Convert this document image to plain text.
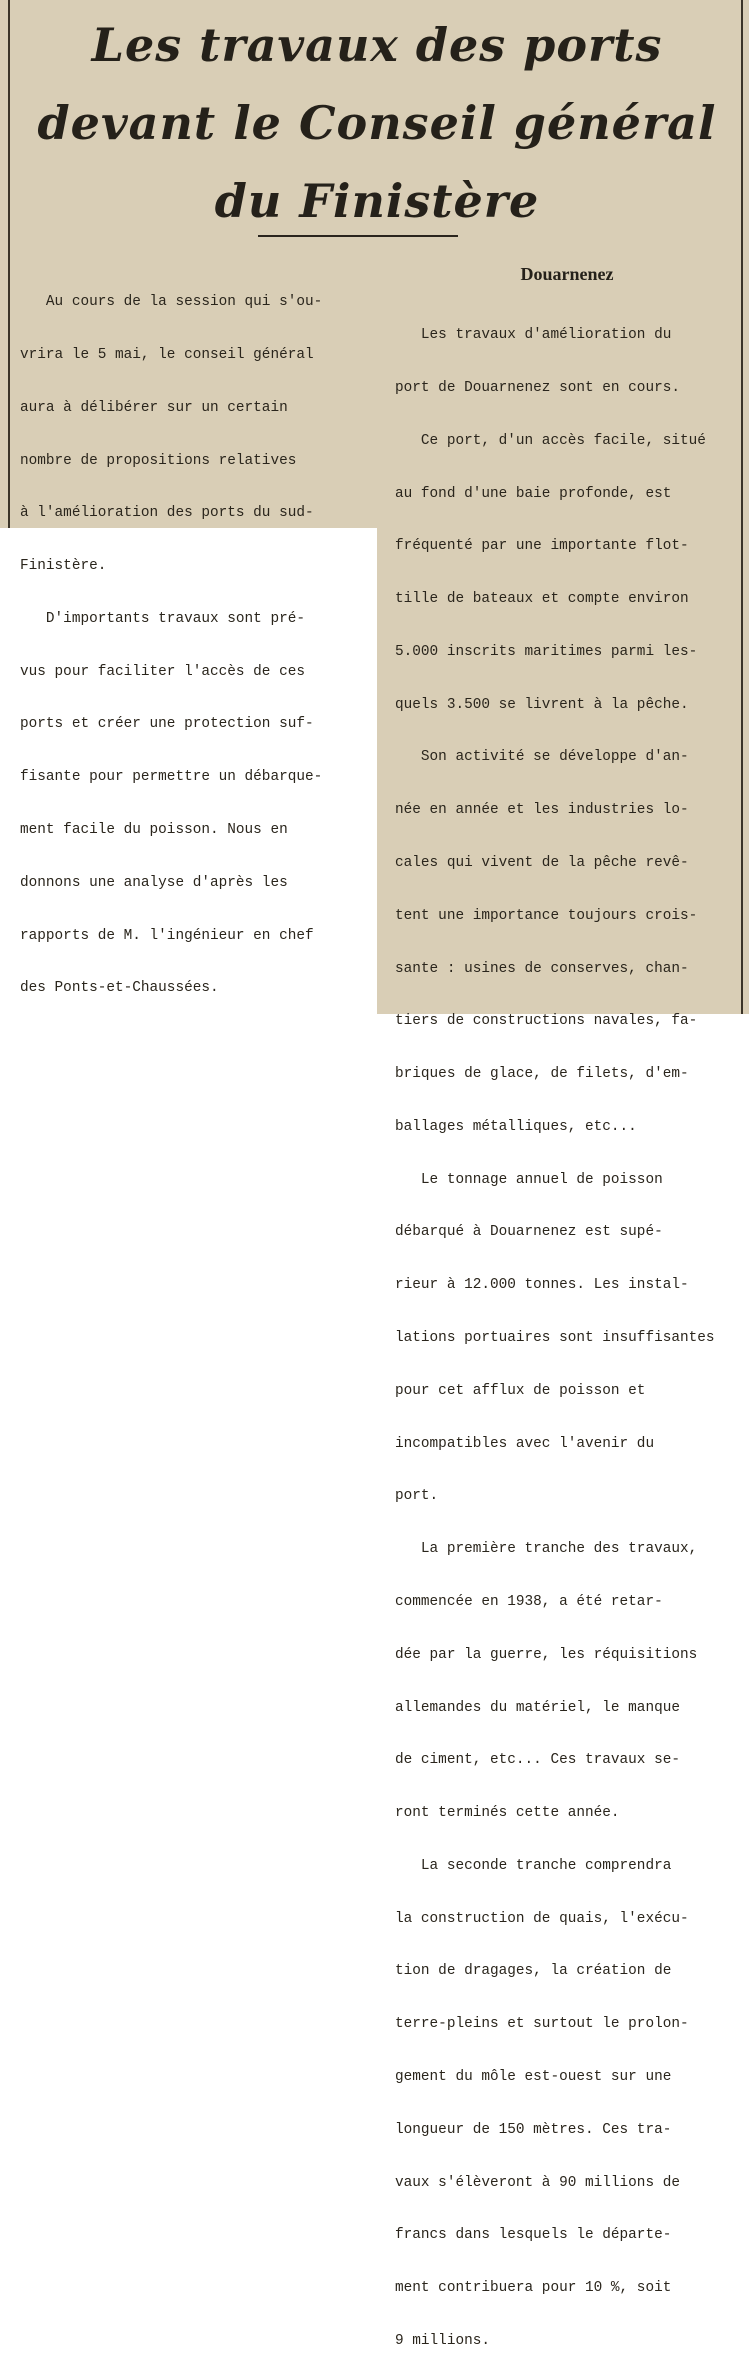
Les travaux des ports
devant le Conseil général
du Finistère

Au cours de la session qui s'ou-

vrira le 5 mai, le conseil général

aura à délibérer sur un certain

nombre de propositions relatives

à l'amélioration des ports du sud-

Finistère.

D'importants travaux sont pré-

vus pour faciliter l'accès de ces

ports et créer une protection suf-

fisante pour permettre un débarque-

ment facile du poisson. Nous en

donnons une analyse d'après les

rapports de M. l'ingénieur en chef

des Ponts-et-Chaussées.

Douarnenez

Les travaux d'amélioration du

port de Douarnenez sont en cours.

Ce port, d'un accès facile, situé

au fond d'une baie profonde, est

fréquenté par une importante flot-

tille de bateaux et compte environ

5.000 inscrits maritimes parmi les-

quels 3.500 se livrent à la pêche.

Son activité se développe d'an-

née en année et les industries lo-

cales qui vivent de la pêche revê-

tent une importance toujours crois-

sante : usines de conserves, chan-

tiers de constructions navales, fa-

briques de glace, de filets, d'em-

ballages métalliques, etc...

Le tonnage annuel de poisson

débarqué à Douarnenez est supé-

rieur à 12.000 tonnes. Les instal-

lations portuaires sont insuffisantes

pour cet afflux de poisson et

incompatibles avec l'avenir du

port.

La première tranche des travaux,

commencée en 1938, a été retar-

dée par la guerre, les réquisitions

allemandes du matériel, le manque

de ciment, etc... Ces travaux se-

ront terminés cette année.

La seconde tranche comprendra

la construction de quais, l'exécu-

tion de dragages, la création de

terre-pleins et surtout le prolon-

gement du môle est-ouest sur une

longueur de 150 mètres. Ces tra-

vaux s'élèveront à 90 millions de

francs dans lesquels le départe-

ment contribuera pour 10 %, soit

9 millions.
